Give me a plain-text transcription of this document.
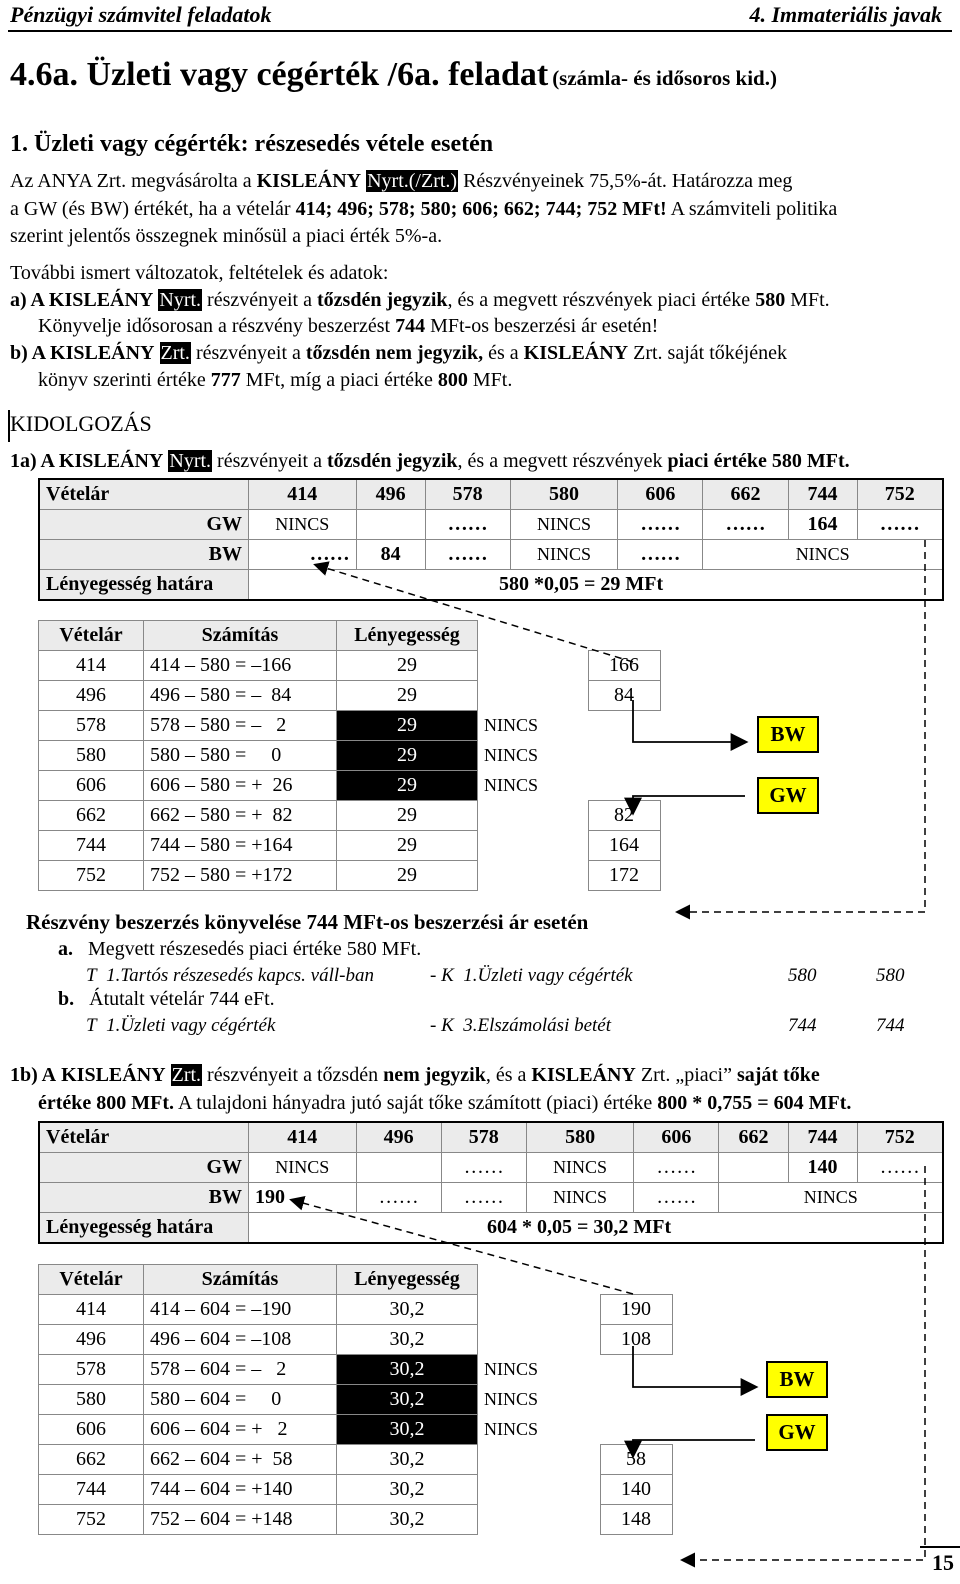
Pénzügyi számvitel feladatok	4. Immateriális javak
4.6a. Üzleti vagy cégérték /6a. feladat (számla- és idősoros kid.)
1. Üzleti vagy cégérték: részesedés vétele esetén
Az ANYA Zrt. megvásárolta a KISLEÁNY Nyrt.(/Zrt.) Részvényeinek 75,5%-át. Határozza meg
a GW (és BW) értékét, ha a vételár 414; 496; 578; 580; 606; 662; 744; 752 MFt! A számviteli politika
szerint jelentős összegnek minősül a piaci érték 5%-a.
További ismert változatok, feltételek és adatok:
a) A KISLEÁNY Nyrt. részvényeit a tőzsdén jegyzik, és a megvett részvények piaci értéke 580 MFt.
Könyvelje idősorosan a részvény beszerzést 744 MFt-os beszerzési ár esetén!
b) A KISLEÁNY Zrt. részvényeit a tőzsdén nem jegyzik, és a KISLEÁNY Zrt. saját tőkéjének
könyv szerinti értéke 777 MFt, míg a piaci értéke 800 MFt.
KIDOLGOZÁS
1a) A KISLEÁNY Nyrt. részvényeit a tőzsdén jegyzik, és a megvett részvények piaci értéke 580 MFt.
Vételár	414	496	578	580	606	662	744	752
GW	NINCS		……	NINCS	……	……	164	……
BW	……	84	……	NINCS	……	NINCS		
Lényegesség határa	580 *0,05 = 29 MFt							
Vételár	Számítás	Lényegesség		
414	414 – 580 = –166	29		166
496	496 – 580 = –  84	29		84
578	578 – 580 = –   2	29	NINCS	
580	580 – 580 =     0	29	NINCS	
606	606 – 580 = +  26	29	NINCS	
662	662 – 580 = +  82	29		82
744	744 – 580 = +164	29		164
752	752 – 580 = +172	29		172
BW
GW
Részvény beszerzés könyvelése 744 MFt-os beszerzési ár esetén
a. Megvett részesedés piaci értéke 580 MFt.
T 1.Tartós részesedés kapcs. váll-ban	- K 1.Üzleti vagy cégérték	580	580
b. Átutalt vételár 744 eFt.
T 1.Üzleti vagy cégérték	- K 3.Elszámolási betét	744	744
1b) A KISLEÁNY Zrt. részvényeit a tőzsdén nem jegyzik, és a KISLEÁNY Zrt. „piaci” saját tőke
értéke 800 MFt. A tulajdoni hányadra jutó saját tőke számított (piaci) értéke 800 * 0,755 = 604 MFt.
Vételár	414	496	578	580	606	662	744	752
GW	NINCS		……	NINCS	……		140	……
BW	190	……	……	NINCS	……	NINCS		
Lényegesség határa	604 * 0,05 = 30,2 MFt							
Vételár	Számítás	Lényegesség		
414	414 – 604 = –190	30,2		190
496	496 – 604 = –108	30,2		108
578	578 – 604 = –   2	30,2	NINCS	
580	580 – 604 =     0	30,2	NINCS	
606	606 – 604 = +   2	30,2	NINCS	
662	662 – 604 = +  58	30,2		58
744	744 – 604 = +140	30,2		140
752	752 – 604 = +148	30,2		148
BW
GW
15
